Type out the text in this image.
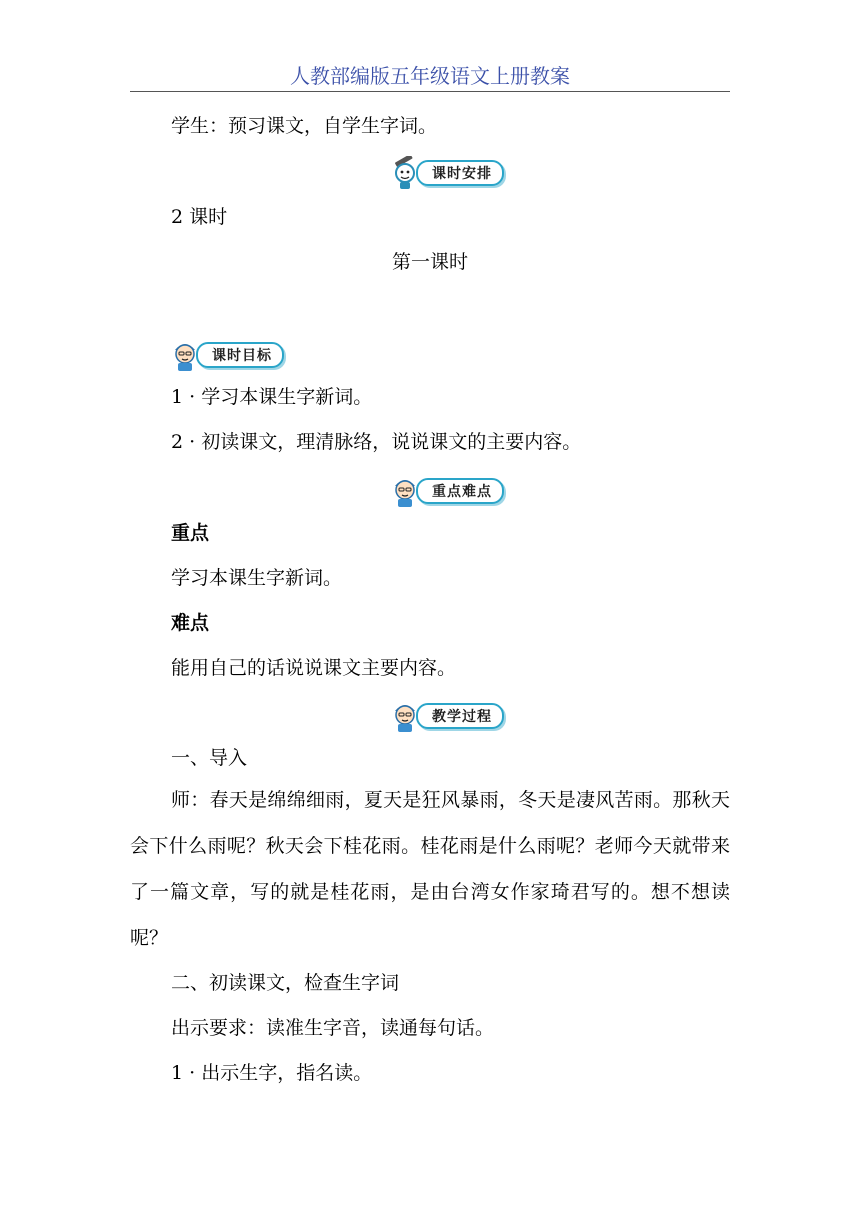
人教部编版五年级语文上册教案
学生：预习课文，自学生字词。
课时安排
2 课时
第一课时
课时目标
1 · 学习本课生字新词。
2 · 初读课文，理清脉络，说说课文的主要内容。
重点难点
重点
学习本课生字新词。
难点
能用自己的话说说课文主要内容。
教学过程
一、导入
师：春天是绵绵细雨，夏天是狂风暴雨，冬天是凄风苦雨。那秋天会下什么雨呢？秋天会下桂花雨。桂花雨是什么雨呢？老师今天就带来了一篇文章，写的就是桂花雨，是由台湾女作家琦君写的。想不想读呢？
二、初读课文，检查生字词
出示要求：读准生字音，读通每句话。
1 · 出示生字，指名读。
